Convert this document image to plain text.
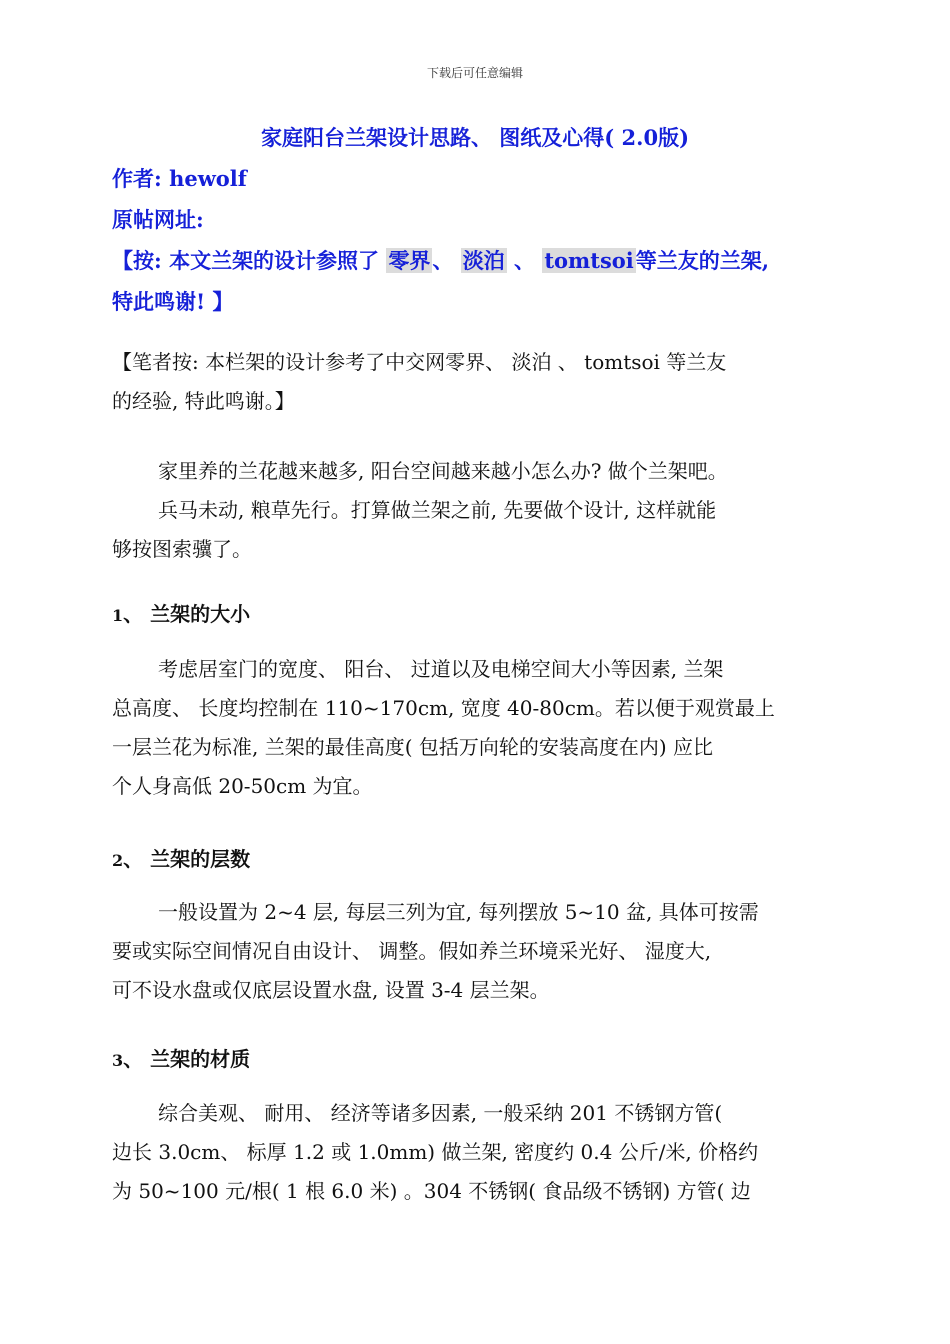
下载后可任意编辑
家庭阳台兰架设计思路、 图纸及心得( 2.0版)
作者: hewolf
原帖网址:
【按: 本文兰架的设计参照了 零界、 淡泊 、 tomtsoi等兰友的兰架,
特此鸣谢! 】
【笔者按: 本栏架的设计参考了中交网零界、 淡泊 、 tomtsoi 等兰友
的经验, 特此鸣谢。】
家里养的兰花越来越多, 阳台空间越来越小怎么办? 做个兰架吧。
兵马未动, 粮草先行。打算做兰架之前, 先要做个设计, 这样就能
够按图索骥了。
1、 兰架的大小
考虑居室门的宽度、 阳台、 过道以及电梯空间大小等因素, 兰架
总高度、 长度均控制在 110~170cm, 宽度 40-80cm。若以便于观赏最上
一层兰花为标准, 兰架的最佳高度( 包括万向轮的安装高度在内) 应比
个人身高低 20-50cm 为宜。
2、 兰架的层数
一般设置为 2~4 层, 每层三列为宜, 每列摆放 5~10 盆, 具体可按需
要或实际空间情况自由设计、 调整。假如养兰环境采光好、 湿度大,
可不设水盘或仅底层设置水盘, 设置 3-4 层兰架。
3、 兰架的材质
综合美观、 耐用、 经济等诸多因素, 一般采纳 201 不锈钢方管(
边长 3.0cm、 标厚 1.2 或 1.0mm) 做兰架, 密度约 0.4 公斤/米, 价格约
为 50~100 元/根( 1 根 6.0 米) 。304 不锈钢( 食品级不锈钢) 方管( 边
